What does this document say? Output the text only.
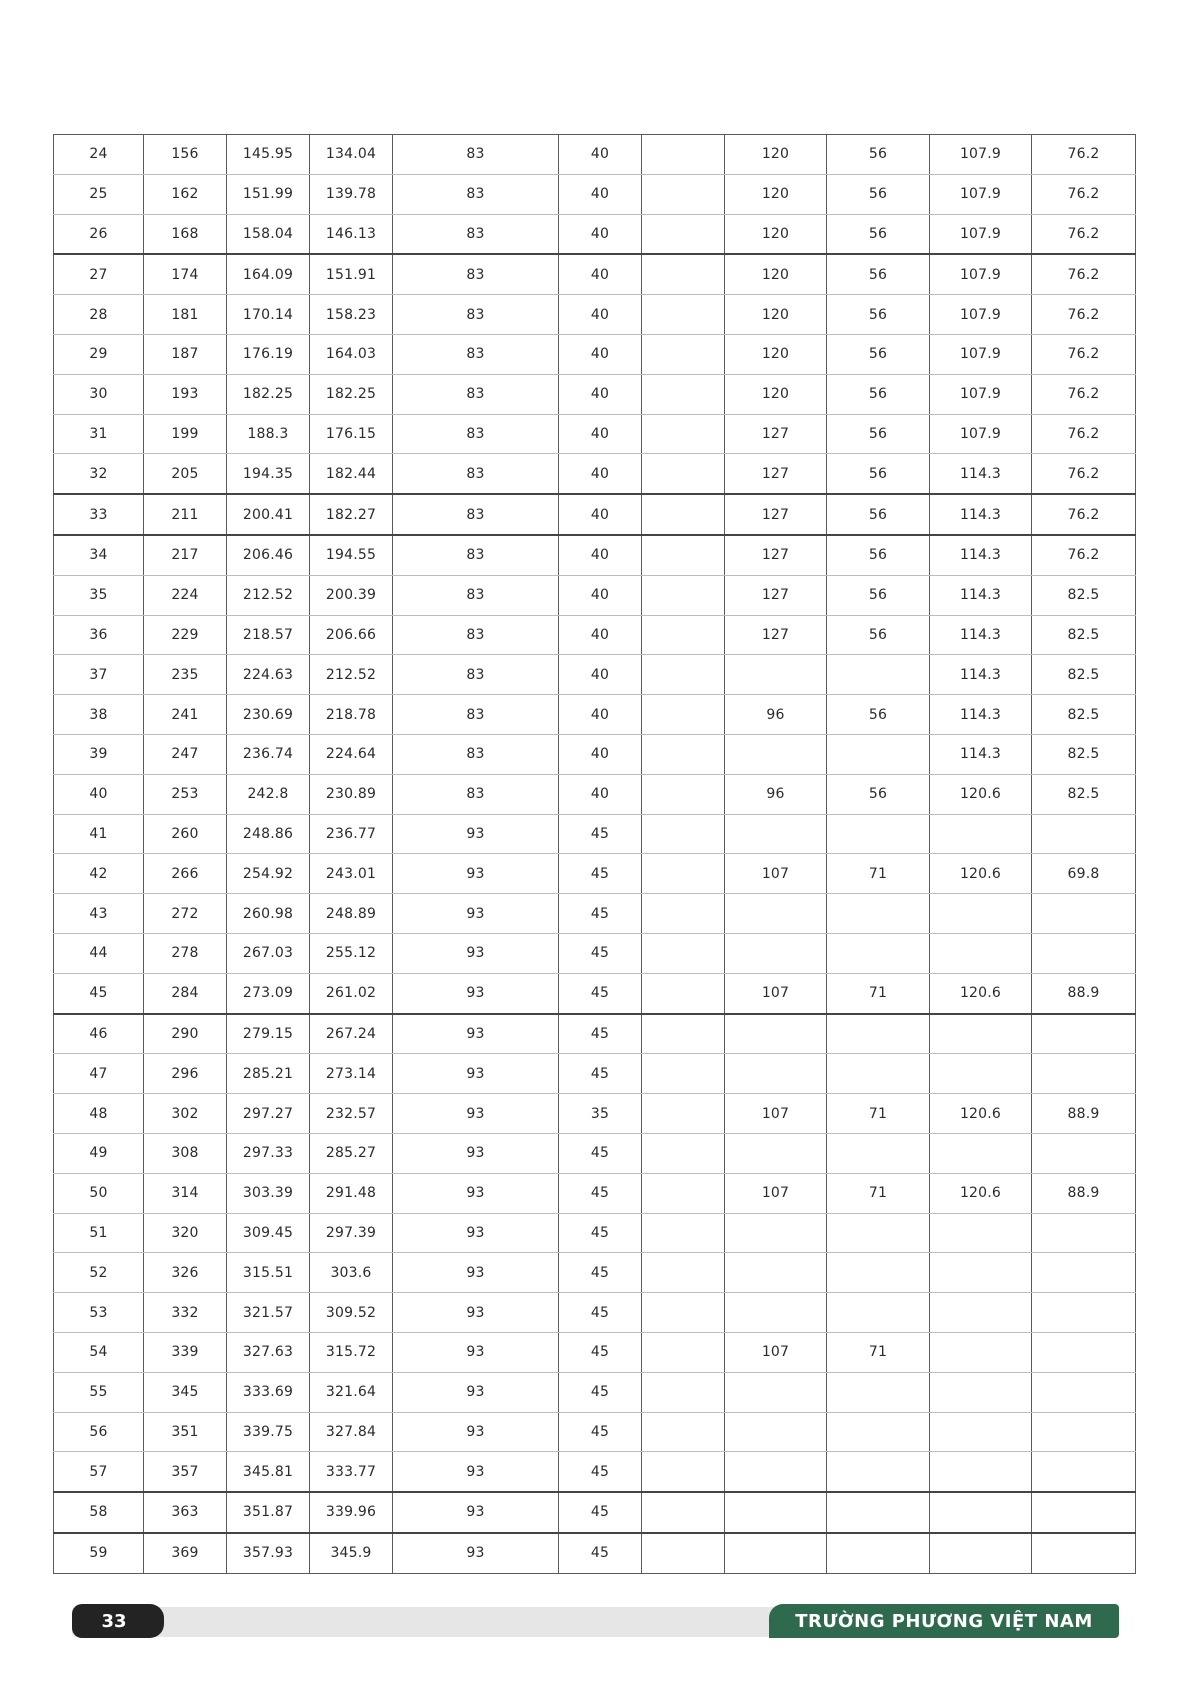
24	156	145.95	134.04	83	40		120	56	107.9	76.2
25	162	151.99	139.78	83	40		120	56	107.9	76.2
26	168	158.04	146.13	83	40		120	56	107.9	76.2
27	174	164.09	151.91	83	40		120	56	107.9	76.2
28	181	170.14	158.23	83	40		120	56	107.9	76.2
29	187	176.19	164.03	83	40		120	56	107.9	76.2
30	193	182.25	182.25	83	40		120	56	107.9	76.2
31	199	188.3	176.15	83	40		127	56	107.9	76.2
32	205	194.35	182.44	83	40		127	56	114.3	76.2
33	211	200.41	182.27	83	40		127	56	114.3	76.2
34	217	206.46	194.55	83	40		127	56	114.3	76.2
35	224	212.52	200.39	83	40		127	56	114.3	82.5
36	229	218.57	206.66	83	40		127	56	114.3	82.5
37	235	224.63	212.52	83	40				114.3	82.5
38	241	230.69	218.78	83	40		96	56	114.3	82.5
39	247	236.74	224.64	83	40				114.3	82.5
40	253	242.8	230.89	83	40		96	56	120.6	82.5
41	260	248.86	236.77	93	45					
42	266	254.92	243.01	93	45		107	71	120.6	69.8
43	272	260.98	248.89	93	45					
44	278	267.03	255.12	93	45					
45	284	273.09	261.02	93	45		107	71	120.6	88.9
46	290	279.15	267.24	93	45					
47	296	285.21	273.14	93	45					
48	302	297.27	232.57	93	35		107	71	120.6	88.9
49	308	297.33	285.27	93	45					
50	314	303.39	291.48	93	45		107	71	120.6	88.9
51	320	309.45	297.39	93	45					
52	326	315.51	303.6	93	45					
53	332	321.57	309.52	93	45					
54	339	327.63	315.72	93	45		107	71		
55	345	333.69	321.64	93	45					
56	351	339.75	327.84	93	45					
57	357	345.81	333.77	93	45					
58	363	351.87	339.96	93	45					
59	369	357.93	345.9	93	45					
33	TRƯỜNG PHƯƠNG VIỆT NAM
